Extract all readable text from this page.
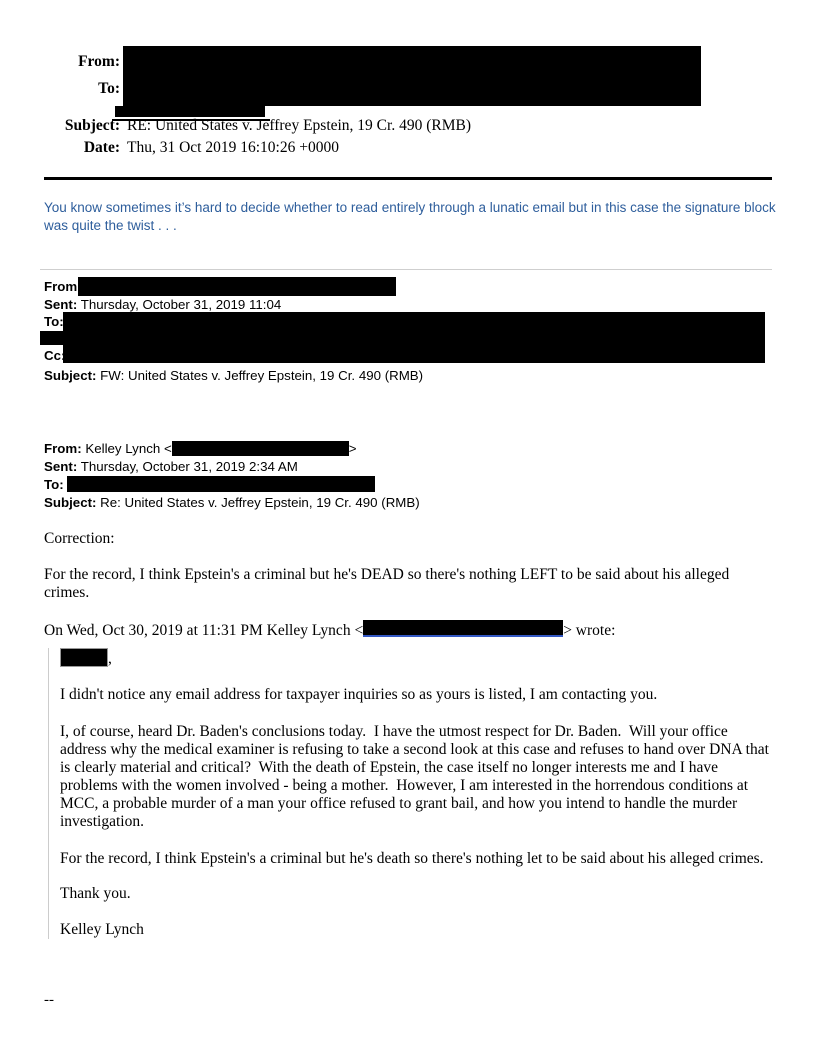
From:
To:
Subject: RE: United States v. Jeffrey Epstein, 19 Cr. 490 (RMB)
Date: Thu, 31 Oct 2019 16:10:26 +0000
You know sometimes it’s hard to decide whether to read entirely through a lunatic email but in this case the signature block was quite the twist . . .
From
Sent: Thursday, October 31, 2019 11:04
To:
Cc:
Subject: FW: United States v. Jeffrey Epstein, 19 Cr. 490 (RMB)
From: Kelley Lynch <	>
Sent: Thursday, October 31, 2019 2:34 AM
To:
Subject: Re: United States v. Jeffrey Epstein, 19 Cr. 490 (RMB)

Correction:

For the record, I think Epstein's a criminal but he's DEAD so there's nothing LEFT to be said about his alleged crimes.

On Wed, Oct 30, 2019 at 11:31 PM Kelley Lynch <	> wrote:

,

I didn't notice any email address for taxpayer inquiries so as yours is listed, I am contacting you.

I, of course, heard Dr. Baden's conclusions today.  I have the utmost respect for Dr. Baden.  Will your office address why the medical examiner is refusing to take a second look at this case and refuses to hand over DNA that is clearly material and critical?  With the death of Epstein, the case itself no longer interests me and I have problems with the women involved - being a mother.  However, I am interested in the horrendous conditions at MCC, a probable murder of a man your office refused to grant bail, and how you intend to handle the murder investigation.

For the record, I think Epstein's a criminal but he's death so there's nothing let to be said about his alleged crimes.

Thank you.

Kelley Lynch

--
